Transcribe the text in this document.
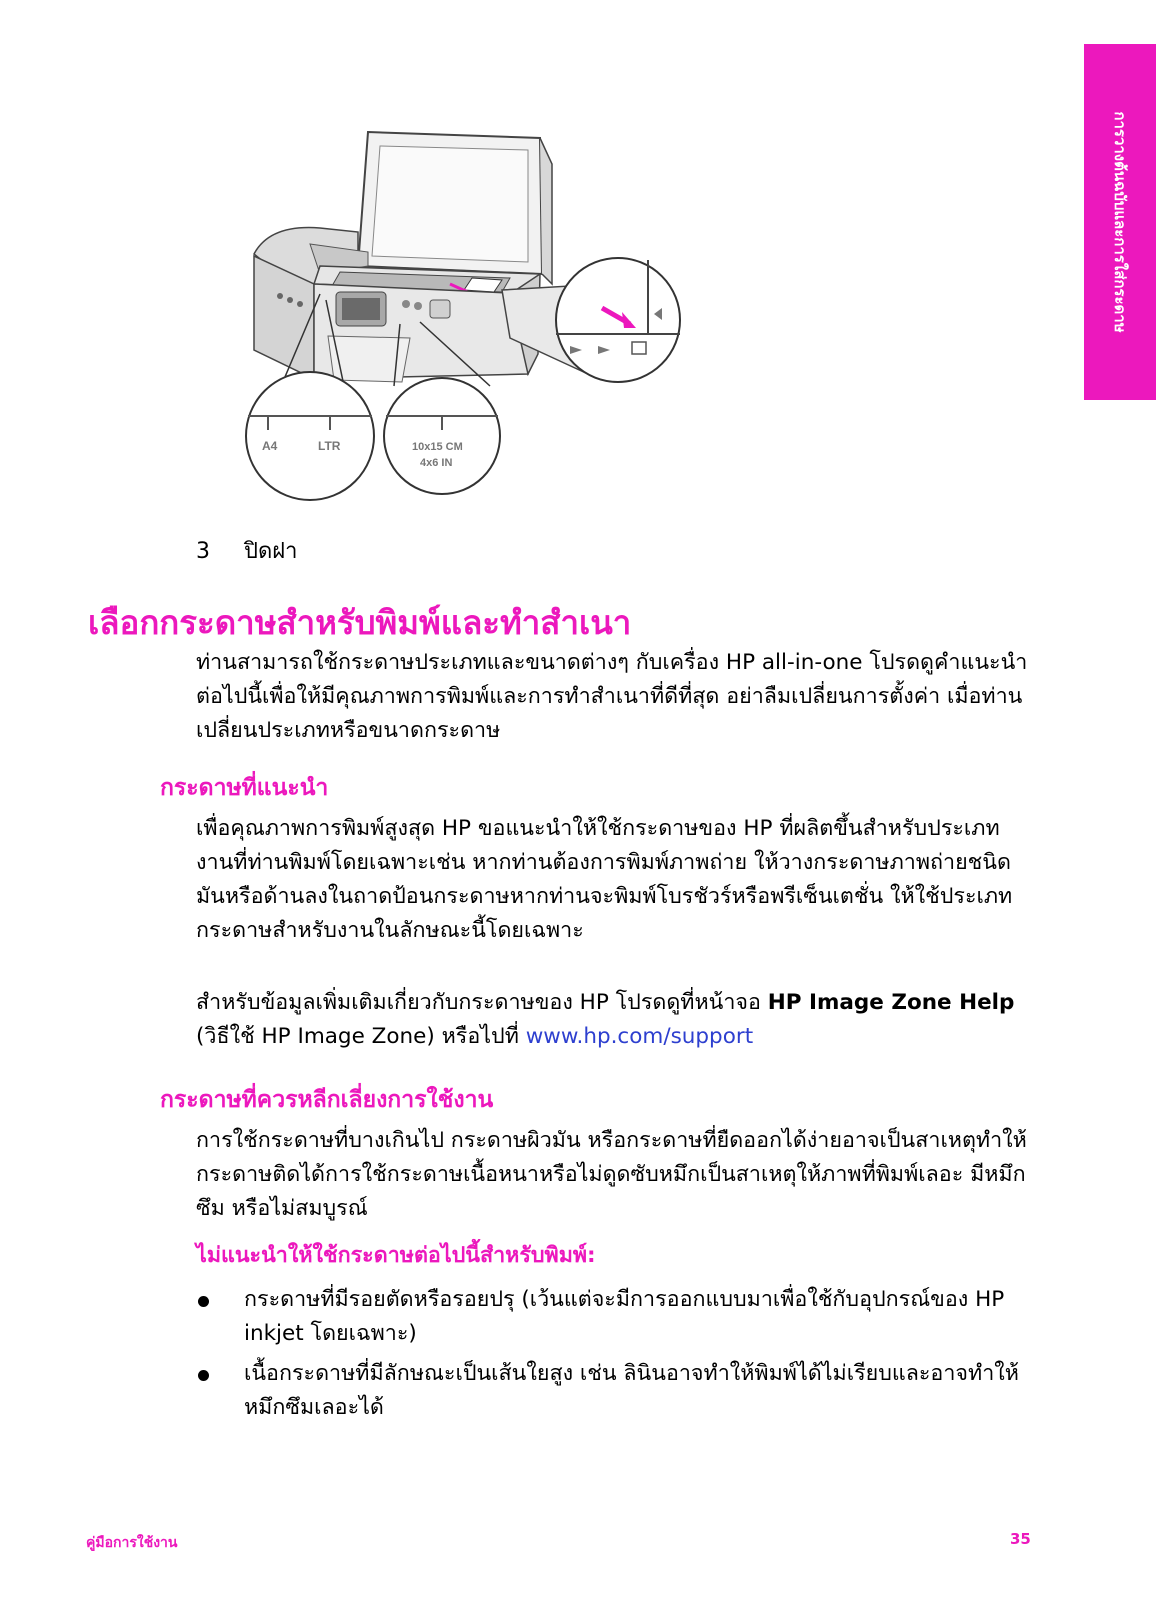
การวางต้นฉบับและการใส่กระดาษ
A4	LTR	10x15 CM
4x6 IN
3 ปิดฝา
เลือกกระดาษสำหรับพิมพ์และทำสำเนา

ท่านสามารถใช้กระดาษประเภทและขนาดต่างๆ กับเครื่อง HP all-in-one โปรดดูคำแนะนำต่อไปนี้เพื่อให้มีคุณภาพการพิมพ์และการทำสำเนาที่ดีที่สุด อย่าลืมเปลี่ยนการตั้งค่า เมื่อท่านเปลี่ยนประเภทหรือขนาดกระดาษ

กระดาษที่แนะนำ

เพื่อคุณภาพการพิมพ์สูงสุด HP ขอแนะนำให้ใช้กระดาษของ HP ที่ผลิตขึ้นสำหรับประเภทงานที่ท่านพิมพ์โดยเฉพาะเช่น หากท่านต้องการพิมพ์ภาพถ่าย ให้วางกระดาษภาพถ่ายชนิดมันหรือด้านลงในถาดป้อนกระดาษหากท่านจะพิมพ์โบรชัวร์หรือพรีเซ็นเตชั่น ให้ใช้ประเภทกระดาษสำหรับงานในลักษณะนี้โดยเฉพาะ

สำหรับข้อมูลเพิ่มเติมเกี่ยวกับกระดาษของ HP โปรดดูที่หน้าจอ HP Image Zone Help (วิธีใช้ HP Image Zone) หรือไปที่ www.hp.com/support

กระดาษที่ควรหลีกเลี่ยงการใช้งาน

การใช้กระดาษที่บางเกินไป กระดาษผิวมัน หรือกระดาษที่ยืดออกได้ง่ายอาจเป็นสาเหตุทำให้กระดาษติดได้การใช้กระดาษเนื้อหนาหรือไม่ดูดซับหมึกเป็นสาเหตุให้ภาพที่พิมพ์เลอะ มีหมึกซึม หรือไม่สมบูรณ์

ไม่แนะนำให้ใช้กระดาษต่อไปนี้สำหรับพิมพ์:
กระดาษที่มีรอยตัดหรือรอยปรุ (เว้นแต่จะมีการออกแบบมาเพื่อใช้กับอุปกรณ์ของ HP inkjet โดยเฉพาะ)
เนื้อกระดาษที่มีลักษณะเป็นเส้นใยสูง เช่น ลินินอาจทำให้พิมพ์ได้ไม่เรียบและอาจทำให้หมึกซึมเลอะได้
คู่มือการใช้งาน	35
